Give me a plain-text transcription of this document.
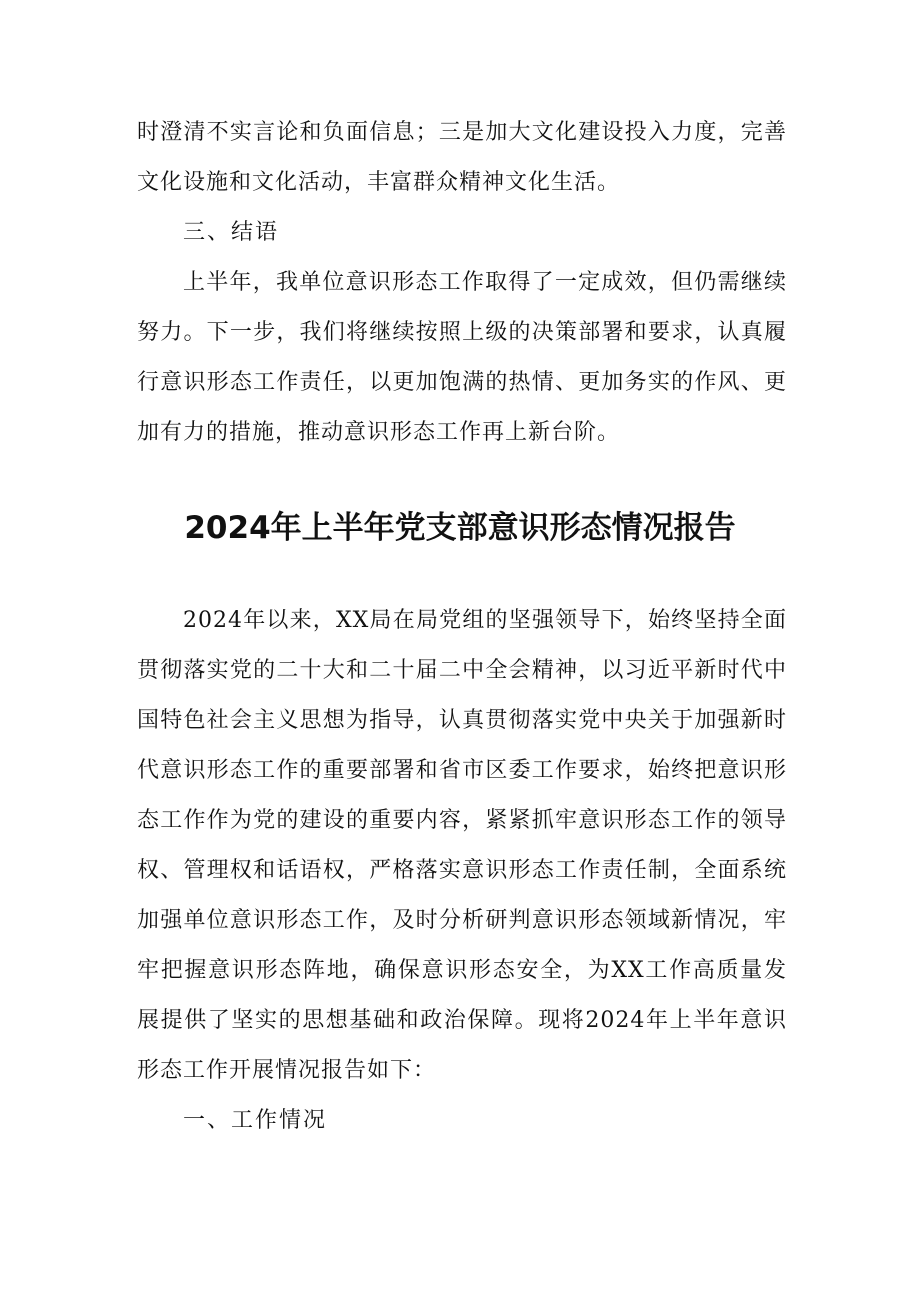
时澄清不实言论和负面信息；三是加大文化建设投入力度，完善文化设施和文化活动，丰富群众精神文化生活。

三、结语

上半年，我单位意识形态工作取得了一定成效，但仍需继续努力。下一步，我们将继续按照上级的决策部署和要求，认真履行意识形态工作责任，以更加饱满的热情、更加务实的作风、更加有力的措施，推动意识形态工作再上新台阶。

2024年上半年党支部意识形态情况报告

2024年以来，XX局在局党组的坚强领导下，始终坚持全面贯彻落实党的二十大和二十届二中全会精神，以习近平新时代中国特色社会主义思想为指导，认真贯彻落实党中央关于加强新时代意识形态工作的重要部署和省市区委工作要求，始终把意识形态工作作为党的建设的重要内容，紧紧抓牢意识形态工作的领导权、管理权和话语权，严格落实意识形态工作责任制，全面系统加强单位意识形态工作，及时分析研判意识形态领域新情况，牢牢把握意识形态阵地，确保意识形态安全，为XX工作高质量发展提供了坚实的思想基础和政治保障。现将2024年上半年意识形态工作开展情况报告如下：

一、工作情况
